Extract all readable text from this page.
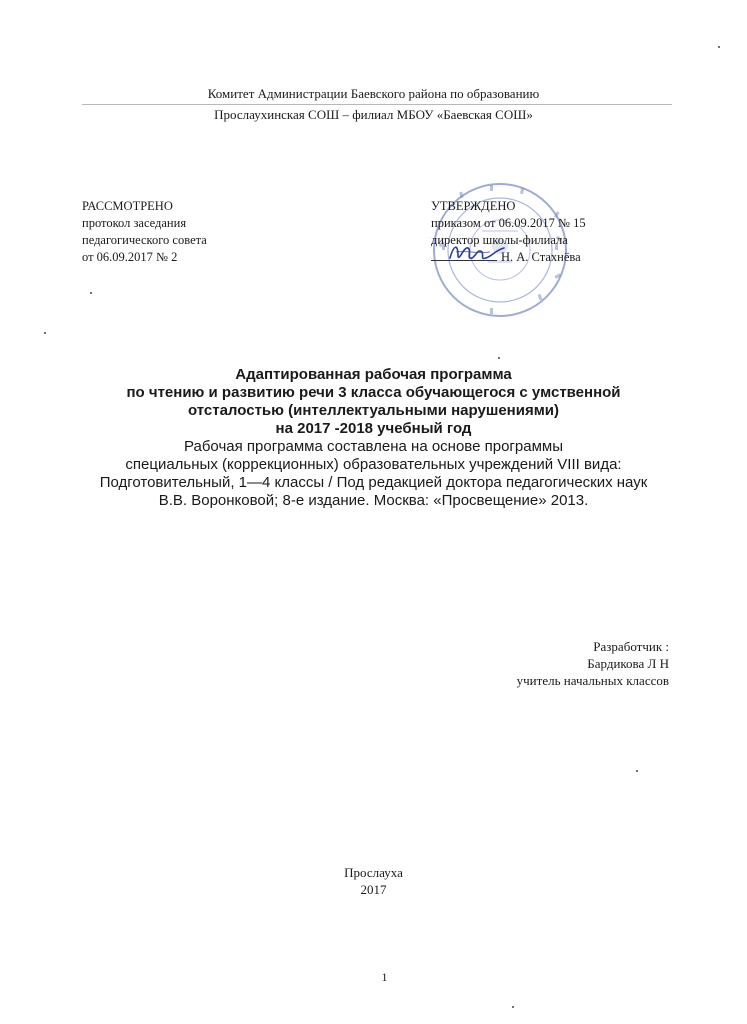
Комитет Администрации Баевского района по образованию
Прослаухинская СОШ – филиал МБОУ «Баевская СОШ»
РАССМОТРЕНО
протокол заседания
педагогического совета
от 06.09.2017 № 2
УТВЕРЖДЕНО
приказом от 06.09.2017 № 15
директор школы-филиала
Н. А. Стахнёва
Адаптированная рабочая программа
по чтению и развитию речи 3 класса обучающегося с умственной
отсталостью (интеллектуальными нарушениями)
на 2017 -2018 учебный год
Рабочая программа составлена на основе программы
специальных (коррекционных) образовательных учреждений VIII вида:
Подготовительный, 1—4 классы / Под редакцией доктора педагогических наук
В.В. Воронковой; 8-е издание. Москва: «Просвещение» 2013.
Разработчик :
Бардикова Л Н
учитель начальных классов
Прослауха
2017
1
